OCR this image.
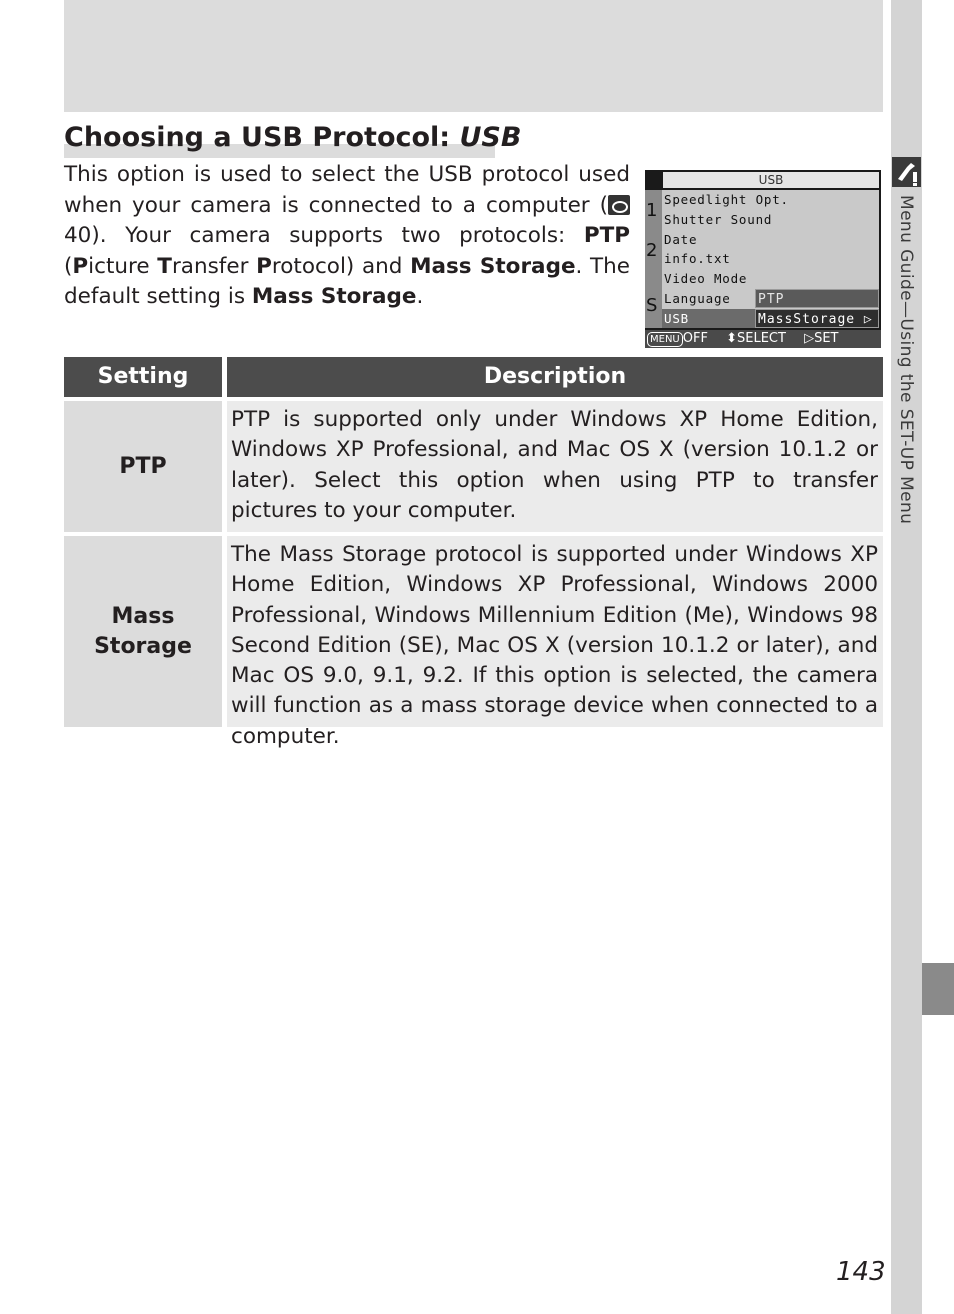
Menu Guide—Using the SET-UP Menu
Choosing a USB Protocol: USB

This option is used to select the USB protocol used when your camera is connected to a computer ( 40). Your camera supports two protocols: PTP (Picture Transfer Protocol) and Mass Storage. The default setting is Mass Storage.

USB
1
2
S
Speedlight Opt.
Shutter Sound
Date
info.txt
Video Mode
Language
USB
PTP
MassStorage ▷
MENU OFF ⬍SELECT ▷SET
Setting	Description
PTP
PTP is supported only under Windows XP Home Edition, Windows XP Professional, and Mac OS X (version 10.1.2 or later). Select this option when using PTP to transfer pictures to your computer.
Mass Storage
The Mass Storage protocol is supported under Windows XP Home Edition, Windows XP Professional, Windows 2000 Professional, Windows Millennium Edition (Me), Windows 98 Second Edition (SE), Mac OS X (version 10.1.2 or later), and Mac OS 9.0, 9.1, 9.2. If this option is selected, the camera will function as a mass storage device when connected to a computer.
143
